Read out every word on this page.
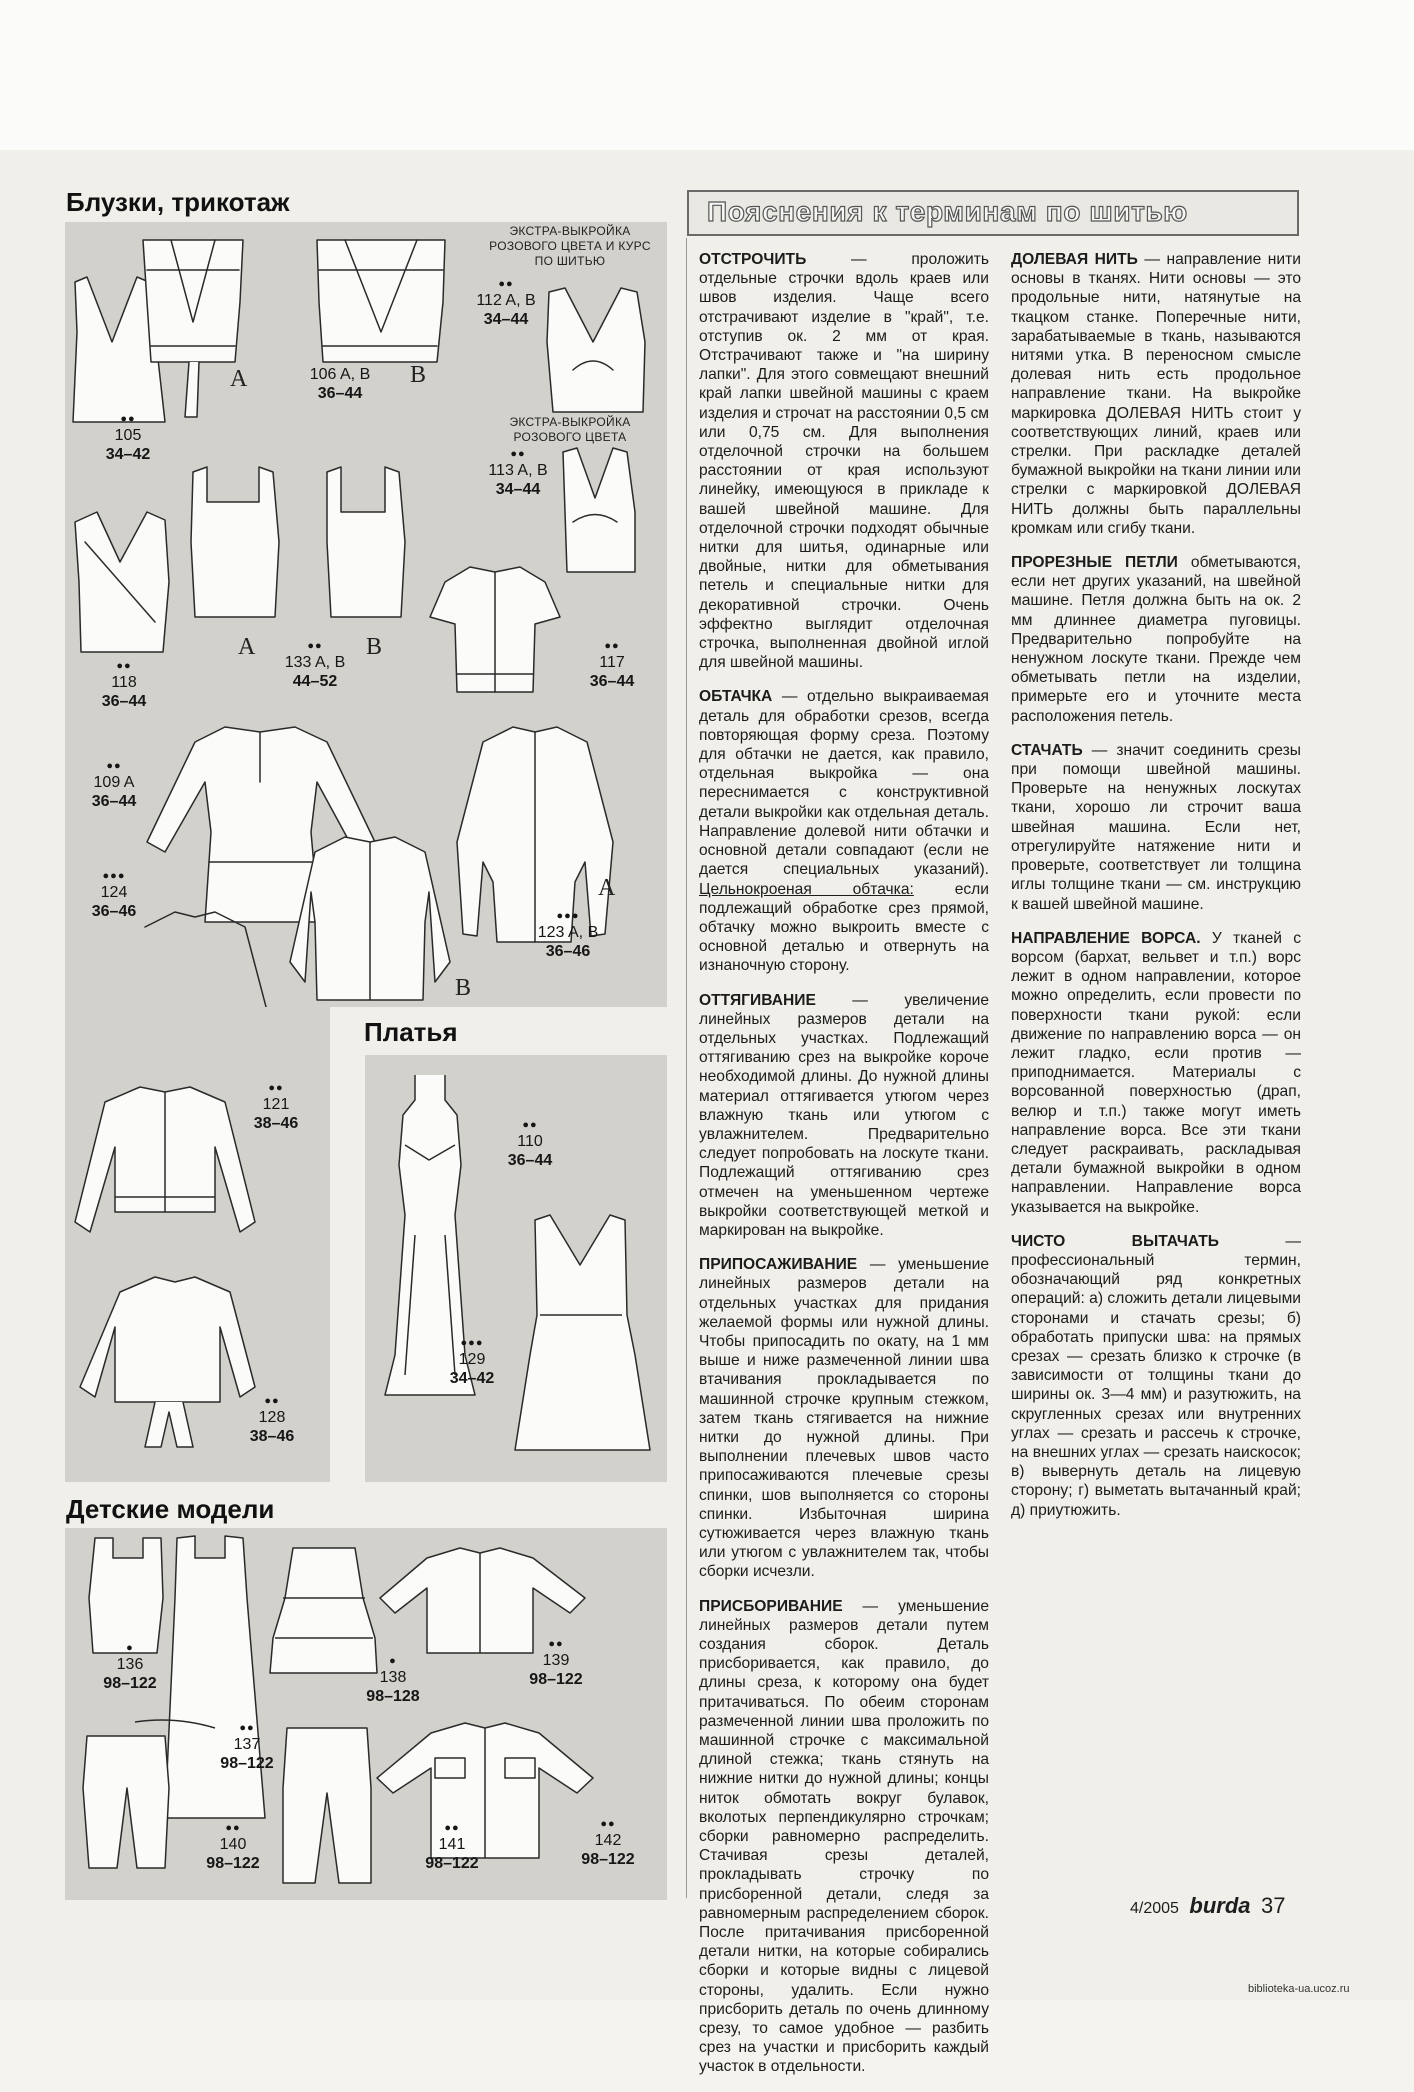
Блузки, трикотаж
ЭКСТРА-ВЫКРОЙКА
РОЗОВОГО ЦВЕТА И КУРС
ПО ШИТЬЮ
ЭКСТРА-ВЫКРОЙКА
РОЗОВОГО ЦВЕТА
●●
105
34–42
106 A, B
36–44
●●
112 A, B
34–44
●●
113 A, B
34–44
●●
118
36–44
●●
133 A, B
44–52
●●
117
36–44
●●
109 A
36–44
●●●
124
36–46	●●●
123 A, B
36–46
A	B
A	B
A
B
●●
121
38–46
●●
128
38–46
Платья
●●
110
36–44
●●●
129
34–42
Детские модели
●
136
98–122
●●
137
98–122
●
138
98–128
●●
139
98–122
●●
140
98–122
●●
141
98–122
●●
142
98–122
Пояснения к терминам по шитью

ОТСТРОЧИТЬ — проложить отдельные строчки вдоль краев или швов изделия. Чаще всего отстрачивают изделие в "край", т.е. отступив ок. 2 мм от края. Отстрачивают также и "на ширину лапки". Для этого совмещают внешний край лапки швейной машины с краем изделия и строчат на расстоянии 0,5 см или 0,75 см. Для выполнения отделочной строчки на большем расстоянии от края используют линейку, имеющуюся в прикладе к вашей швейной машине. Для отделочной строчки подходят обычные нитки для шитья, одинарные или двойные, нитки для обметывания петель и специальные нитки для декоративной строчки. Очень эффектно выглядит отделочная строчка, выполненная двойной иглой для швейной машины.

ОБТАЧКА — отдельно выкраиваемая деталь для обработки срезов, всегда повторяющая форму среза. Поэтому для обтачки не дается, как правило, отдельная выкройка — она переснимается с конструктивной детали выкройки как отдельная деталь. Направление долевой нити обтачки и основной детали совпадают (если не дается специальных указаний). Цельнокроеная обтачка: если подлежащий обработке срез прямой, обтачку можно выкроить вместе с основной деталью и отвернуть на изнаночную сторону.

ОТТЯГИВАНИЕ — увеличение линейных размеров детали на отдельных участках. Подлежащий оттягиванию срез на выкройке короче необходимой длины. До нужной длины материал оттягивается утюгом через влажную ткань или утюгом с увлажнителем. Предварительно следует попробовать на лоскуте ткани. Подлежащий оттягиванию срез отмечен на уменьшенном чертеже выкройки соответствующей меткой и маркирован на выкройке.

ПРИПОСАЖИВАНИЕ — уменьшение линейных размеров детали на отдельных участках для придания желаемой формы или нужной длины. Чтобы припосадить по окату, на 1 мм выше и ниже размеченной линии шва втачивания прокладывается по машинной строчке крупным стежком, затем ткань стягивается на нижние нитки до нужной длины. При выполнении плечевых швов часто припосаживаются плечевые срезы спинки, шов выполняется со стороны спинки. Избыточная ширина сутюживается через влажную ткань или утюгом с увлажнителем так, чтобы сборки исчезли.

ПРИСБОРИВАНИЕ — уменьшение линейных размеров детали путем создания сборок. Деталь присборивается, как правило, до длины среза, к которому она будет притачиваться. По обеим сторонам размеченной линии шва проложить по машинной строчке с максимальной длиной стежка; ткань стянуть на нижние нитки до нужной длины; концы ниток обмотать вокруг булавок, вколотых перпендикулярно строчкам; сборки равномерно распределить. Стачивая срезы деталей, прокладывать строчку по присборенной детали, следя за равномерным распределением сборок. После притачивания присборенной детали нитки, на которые собирались сборки и которые видны с лицевой стороны, удалить. Если нужно присборить деталь по очень длинному срезу, то самое удобное — разбить срез на участки и присборить каждый участок в отдельности.

ДОЛЕВАЯ НИТЬ — направление нити основы в тканях. Нити основы — это продольные нити, натянутые на ткацком станке. Поперечные нити, зарабатываемые в ткань, называются нитями утка. В переносном смысле долевая нить есть продольное направление ткани. На выкройке маркировка ДОЛЕВАЯ НИТЬ стоит у соответствующих линий, краев или стрелки. При раскладке деталей бумажной выкройки на ткани линии или стрелки с маркировкой ДОЛЕВАЯ НИТЬ должны быть параллельны кромкам или сгибу ткани.

ПРОРЕЗНЫЕ ПЕТЛИ обметываются, если нет других указаний, на швейной машине. Петля должна быть на ок. 2 мм длиннее диаметра пуговицы. Предварительно попробуйте на ненужном лоскуте ткани. Прежде чем обметывать петли на изделии, примерьте его и уточните места расположения петель.

СТАЧАТЬ — значит соединить срезы при помощи швейной машины. Проверьте на ненужных лоскутах ткани, хорошо ли строчит ваша швейная машина. Если нет, отрегулируйте натяжение нити и проверьте, соответствует ли толщина иглы толщине ткани — см. инструкцию к вашей швейной машине.

НАПРАВЛЕНИЕ ВОРСА. У тканей с ворсом (бархат, вельвет и т.п.) ворс лежит в одном направлении, которое можно определить, если провести по поверхности ткани рукой: если движение по направлению ворса — он лежит гладко, если против — приподнимается. Материалы с ворсованной поверхностью (драп, велюр и т.п.) также могут иметь направление ворса. Все эти ткани следует раскраивать, раскладывая детали бумажной выкройки в одном направлении. Направление ворса указывается на выкройке.

ЧИСТО ВЫТАЧАТЬ — профессиональный термин, обозначающий ряд конкретных операций: а) сложить детали лицевыми сторонами и стачать срезы; б) обработать припуски шва: на прямых срезах — срезать близко к строчке (в зависимости от толщины ткани до ширины ок. 3—4 мм) и разутюжить, на скругленных срезах или внутренних углах — срезать и рассечь к строчке, на внешних углах — срезать наискосок; в) вывернуть деталь на лицевую сторону; г) выметать вытачанный край; д) приутюжить.

4/2005 burda 37
biblioteka-ua.ucoz.ru
